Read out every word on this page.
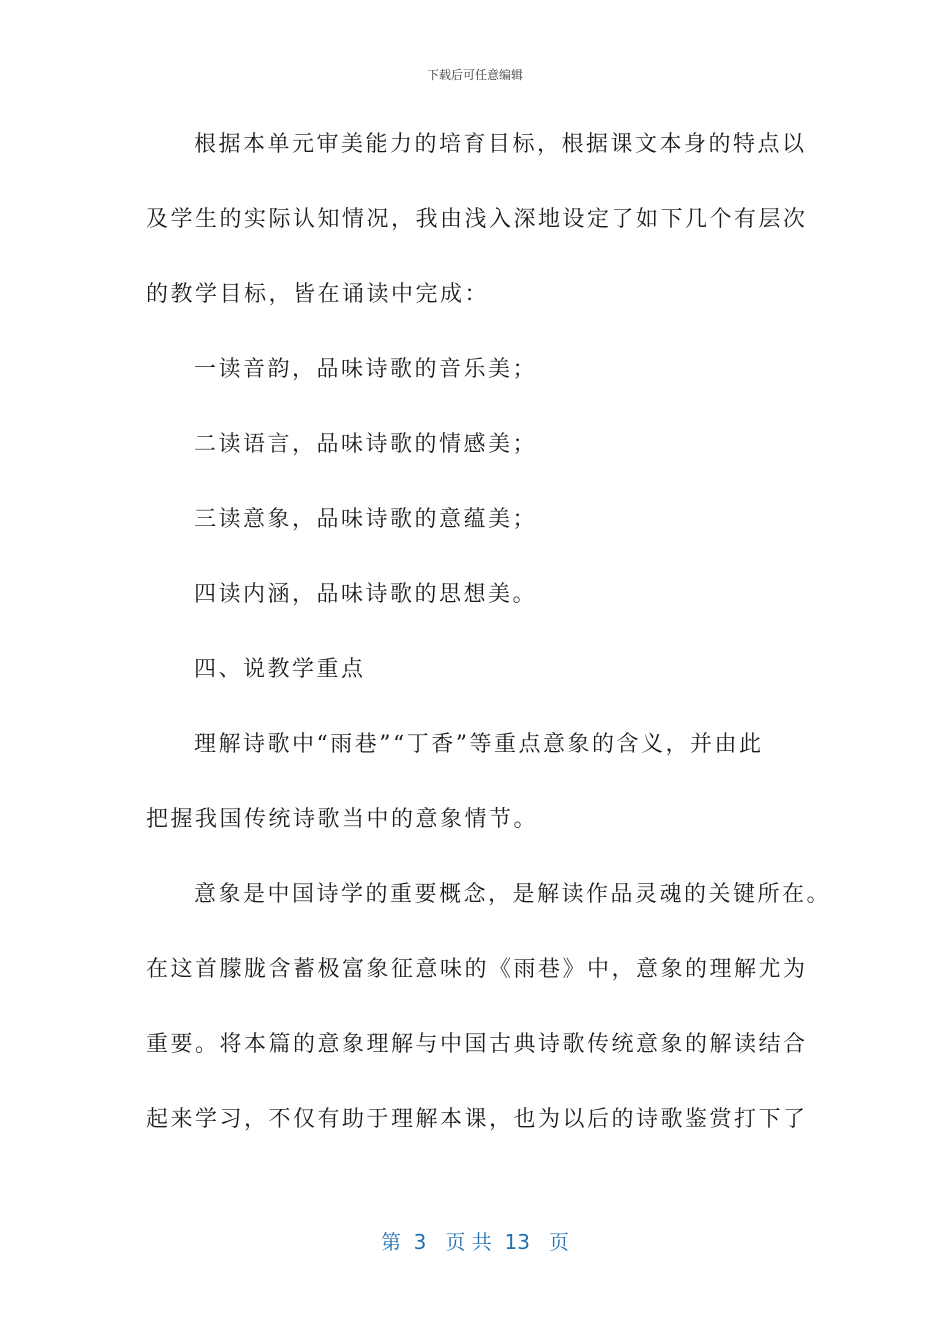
下载后可任意编辑
根据本单元审美能力的培育目标，根据课文本身的特点以
及学生的实际认知情况，我由浅入深地设定了如下几个有层次
的教学目标，皆在诵读中完成：
一读音韵，品味诗歌的音乐美；
二读语言，品味诗歌的情感美；
三读意象，品味诗歌的意蕴美；
四读内涵，品味诗歌的思想美。
四、说教学重点
理解诗歌中“雨巷”“丁香”等重点意象的含义，并由此
把握我国传统诗歌当中的意象情节。
意象是中国诗学的重要概念，是解读作品灵魂的关键所在。
在这首朦胧含蓄极富象征意味的《雨巷》中，意象的理解尤为
重要。将本篇的意象理解与中国古典诗歌传统意象的解读结合
起来学习，不仅有助于理解本课，也为以后的诗歌鉴赏打下了
第  3   页 共  13   页
